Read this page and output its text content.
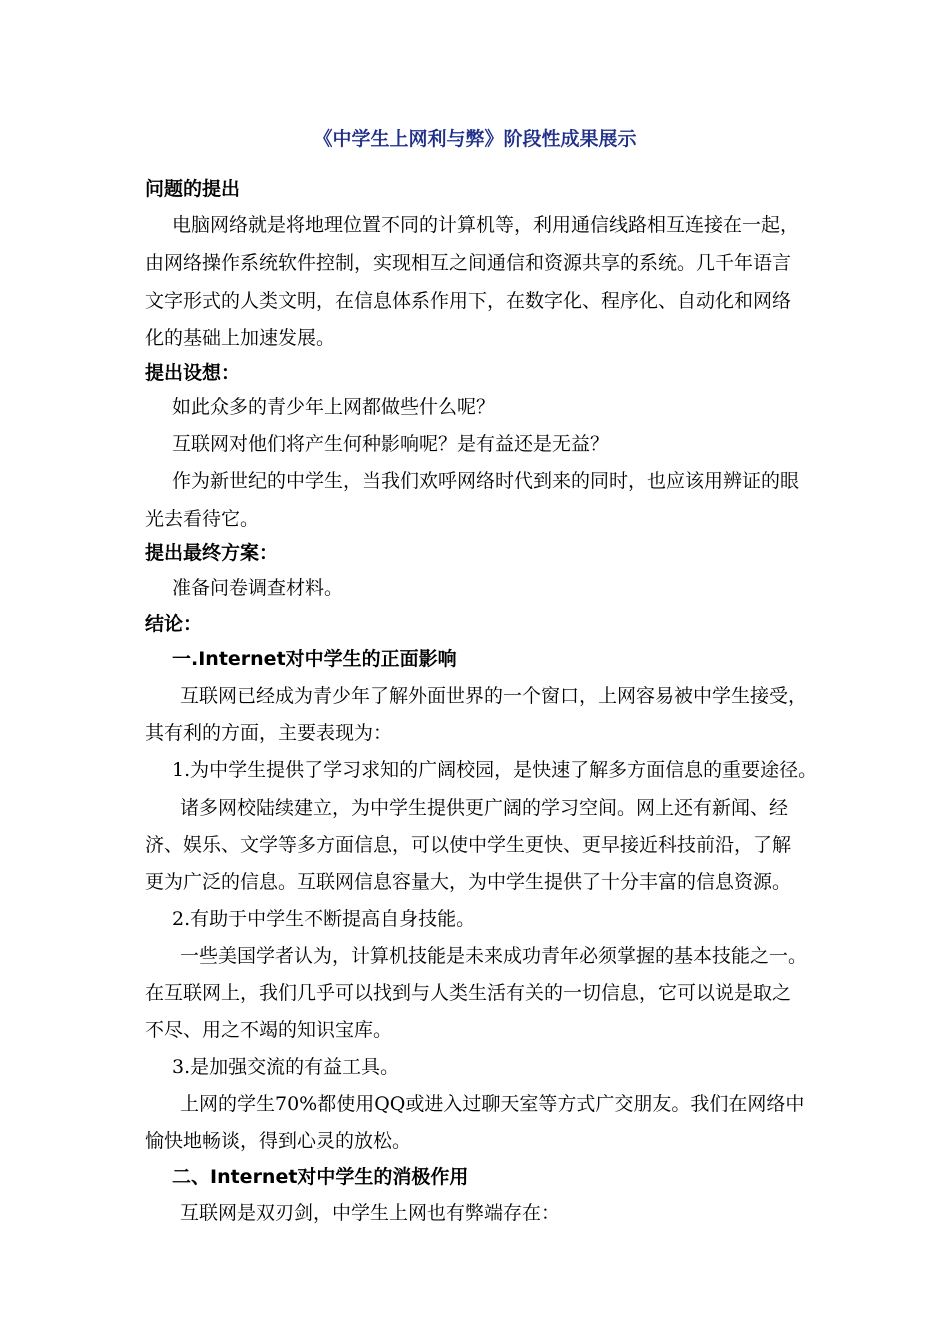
《中学生上网利与弊》阶段性成果展示
问题的提出
电脑网络就是将地理位置不同的计算机等，利用通信线路相互连接在一起，
由网络操作系统软件控制，实现相互之间通信和资源共享的系统。几千年语言
文字形式的人类文明，在信息体系作用下，在数字化、程序化、自动化和网络
化的基础上加速发展。
提出设想：
如此众多的青少年上网都做些什么呢？
互联网对他们将产生何种影响呢？是有益还是无益？
作为新世纪的中学生，当我们欢呼网络时代到来的同时，也应该用辨证的眼
光去看待它。
提出最终方案：
准备问卷调查材料。
结论：
一.Internet对中学生的正面影响
互联网已经成为青少年了解外面世界的一个窗口，上网容易被中学生接受，
其有利的方面，主要表现为：
1.为中学生提供了学习求知的广阔校园，是快速了解多方面信息的重要途径。
诸多网校陆续建立，为中学生提供更广阔的学习空间。网上还有新闻、经
济、娱乐、文学等多方面信息，可以使中学生更快、更早接近科技前沿，了解
更为广泛的信息。互联网信息容量大，为中学生提供了十分丰富的信息资源。
2.有助于中学生不断提高自身技能。
一些美国学者认为，计算机技能是未来成功青年必须掌握的基本技能之一。
在互联网上，我们几乎可以找到与人类生活有关的一切信息，它可以说是取之
不尽、用之不竭的知识宝库。
3.是加强交流的有益工具。
上网的学生70%都使用QQ或进入过聊天室等方式广交朋友。我们在网络中
愉快地畅谈，得到心灵的放松。
二、Internet对中学生的消极作用
互联网是双刃剑，中学生上网也有弊端存在：
